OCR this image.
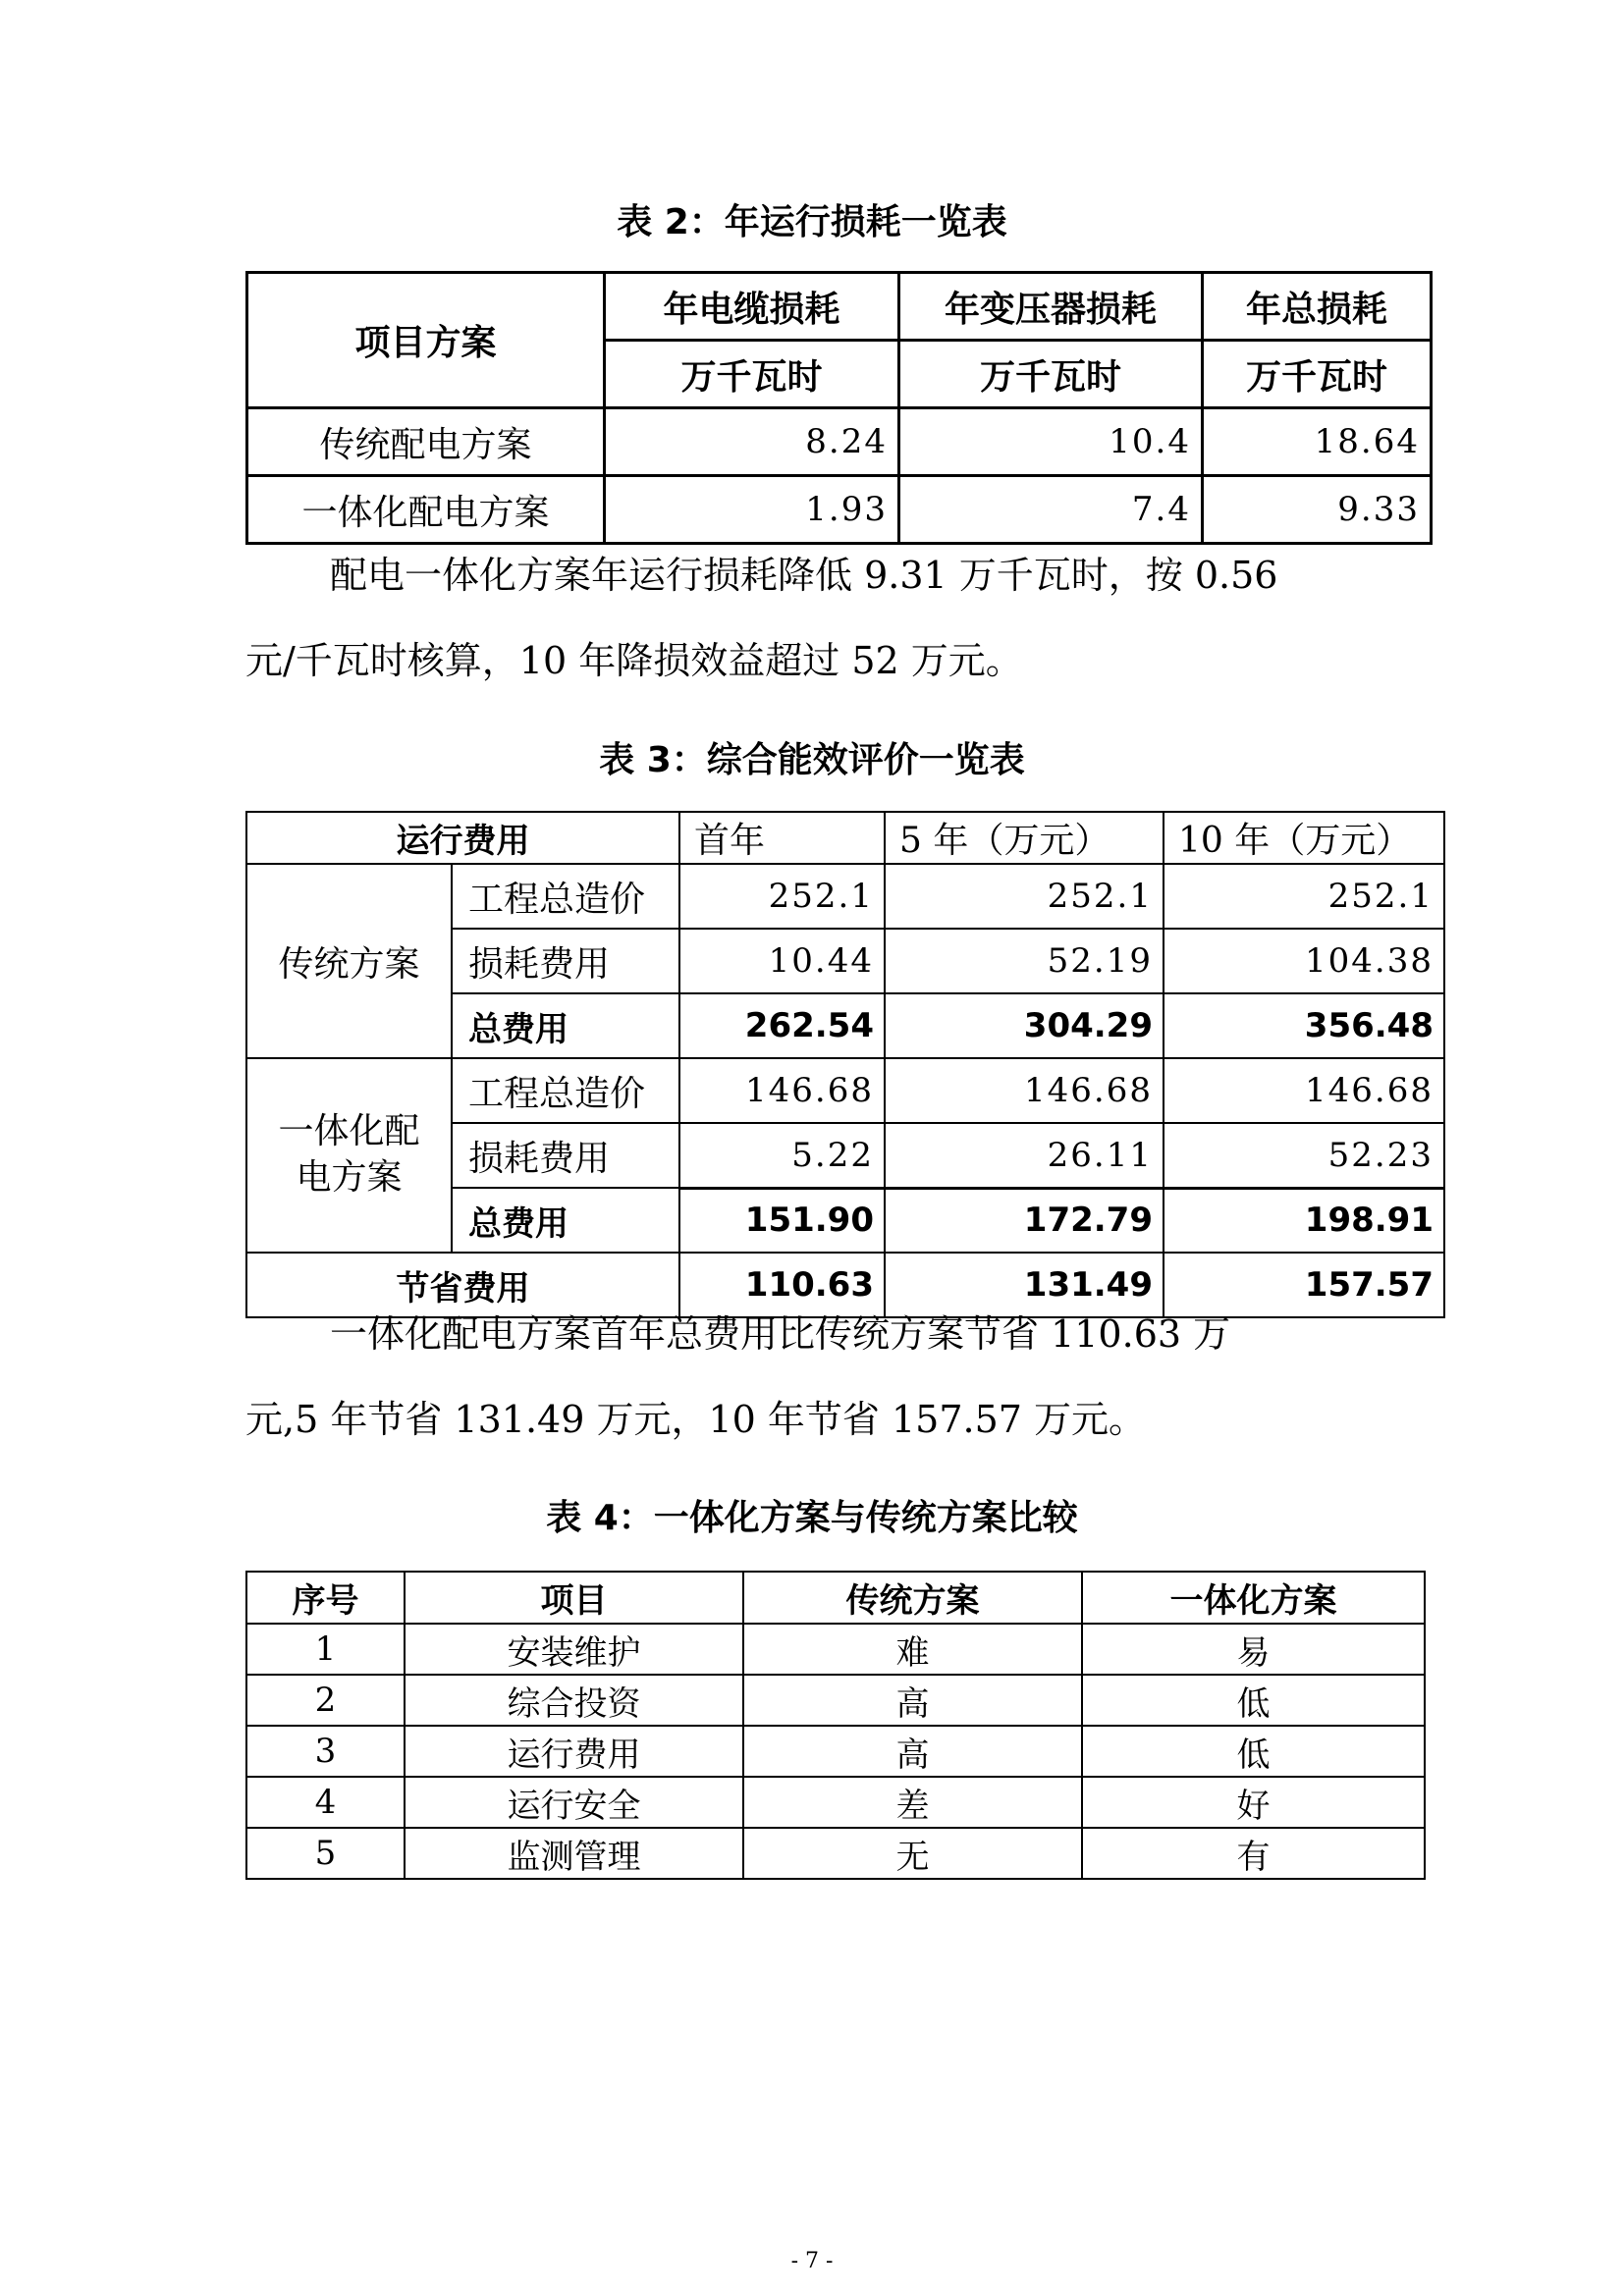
表 2：年运行损耗一览表
项目方案	年电缆损耗	年变压器损耗	年总损耗
	万千瓦时	万千瓦时	万千瓦时
传统配电方案	8.24	10.4	18.64
一体化配电方案	1.93	7.4	9.33
配电一体化方案年运行损耗降低 9.31 万千瓦时，按 0.56
元/千瓦时核算，10 年降损效益超过 52 万元。
表 3：综合能效评价一览表
运行费用		首年	5 年（万元）	10 年（万元）
传统方案	工程总造价	252.1	252.1	252.1
	损耗费用	10.44	52.19	104.38
	总费用	262.54	304.29	356.48
一体化配
电方案	工程总造价	146.68	146.68	146.68
	损耗费用	5.22	26.11	52.23
	总费用	151.90	172.79	198.91
节省费用		110.63	131.49	157.57
一体化配电方案首年总费用比传统方案节省 110.63 万
元,5 年节省 131.49 万元，10 年节省 157.57 万元。
表 4：一体化方案与传统方案比较
序号	项目	传统方案	一体化方案
1	安装维护	难	易
2	综合投资	高	低
3	运行费用	高	低
4	运行安全	差	好
5	监测管理	无	有
- 7 -
